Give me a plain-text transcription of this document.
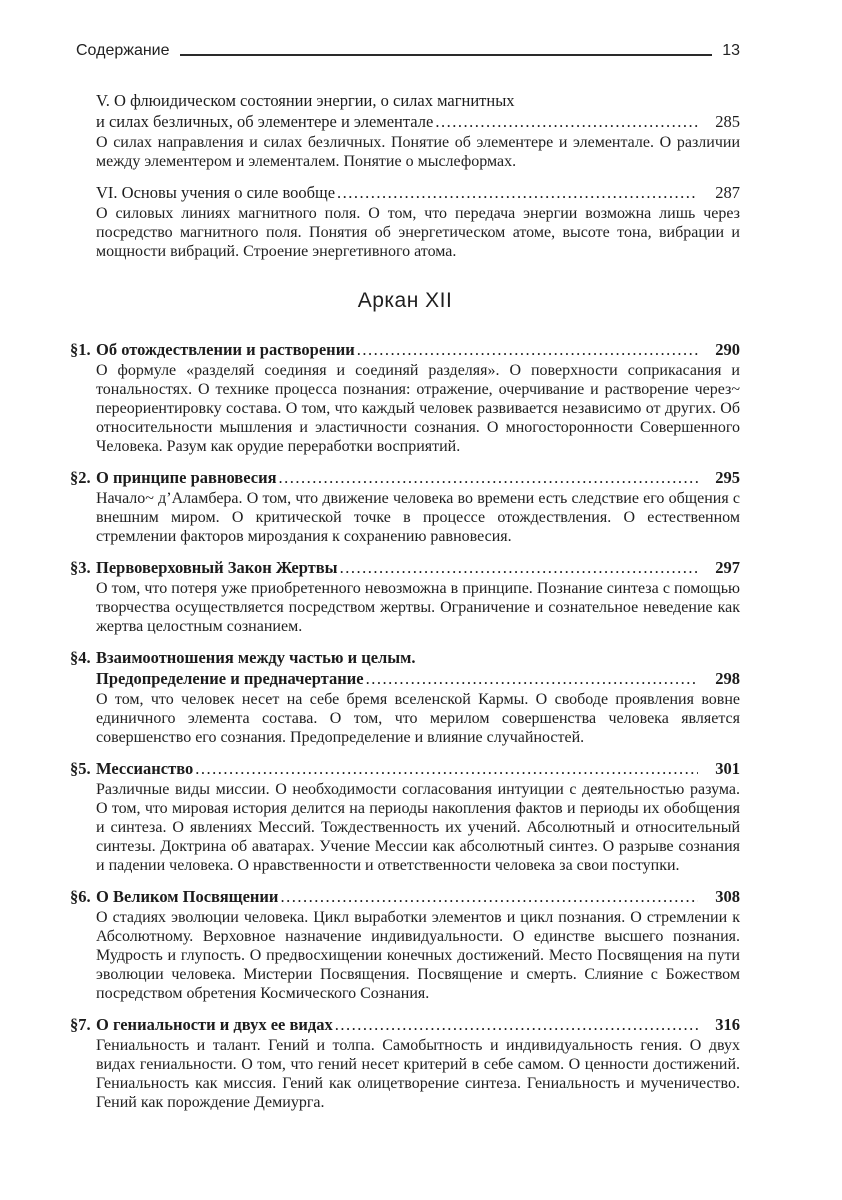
Содержание	13
V. О флюидическом состоянии энергии, о силах магнитных
и силах безличных, об элементере и элементале .....	285

О силах направления и силах безличных. Понятие об элементере и элементале. О различии между элементером и элементалем. Понятие о мыслеформах.

VI. Основы учения о силе вообще .....	287

О силовых линиях магнитного поля. О том, что передача энергии возможна лишь через посредство магнитного поля. Понятия об энергетическом атоме, высоте тона, вибрации и мощности вибраций. Строение энергетивного атома.

Аркан XII
§1. Об отождествлении и растворении .....	290

О формуле «разделяй соединяя и соединяй разделяя». О поверхности соприкасания и тональностях. О технике процесса познания: отражение, очерчивание и растворение через~ переориентировку состава. О том, что каждый человек развивается независимо от других. Об относительности мышления и эластичности сознания. О многосторонности Совершенного Человека. Разум как орудие переработки восприятий.

§2. О принципе равновесия .....	295

Начало~ д’Аламбера. О том, что движение человека во времени есть следствие его общения с внешним миром. О критической точке в процессе отождествления. О естественном стремлении факторов мироздания к сохранению равновесия.

§3. Первоверховный Закон Жертвы .....	297

О том, что потеря уже приобретенного невозможна в принципе. Познание синтеза с помощью творчества осуществляется посредством жертвы. Ограничение и сознательное неведение как жертва целостным сознанием.

§4. Взаимоотношения между частью и целым.
Предопределение и предначертание .....	298

О том, что человек несет на себе бремя вселенской Кармы. О свободе проявления вовне единичного элемента состава. О том, что мерилом совершенства человека является совершенство его сознания. Предопределение и влияние случайностей.

§5. Мессианство .....	301

Различные виды миссии. О необходимости согласования интуиции с деятельностью разума. О том, что мировая история делится на периоды накопления фактов и периоды их обобщения и синтеза. О явлениях Мессий. Тождественность их учений. Абсолютный и относительный синтезы. Доктрина об аватарах. Учение Мессии как абсолютный синтез. О разрыве сознания и падении человека. О нравственности и ответственности человека за свои поступки.

§6. О Великом Посвящении .....	308

О стадиях эволюции человека. Цикл выработки элементов и цикл познания. О стремлении к Абсолютному. Верховное назначение индивидуальности. О единстве высшего познания. Мудрость и глупость. О предвосхищении конечных достижений. Место Посвящения на пути эволюции человека. Мистерии Посвящения. Посвящение и смерть. Слияние с Божеством посредством обретения Космического Сознания.

§7. О гениальности и двух ее видах .....	316

Гениальность и талант. Гений и толпа. Самобытность и индивидуальность гения. О двух видах гениальности. О том, что гений несет критерий в себе самом. О ценности достижений. Гениальность как миссия. Гений как олицетворение синтеза. Гениальность и мученичество. Гений как порождение Демиурга.
